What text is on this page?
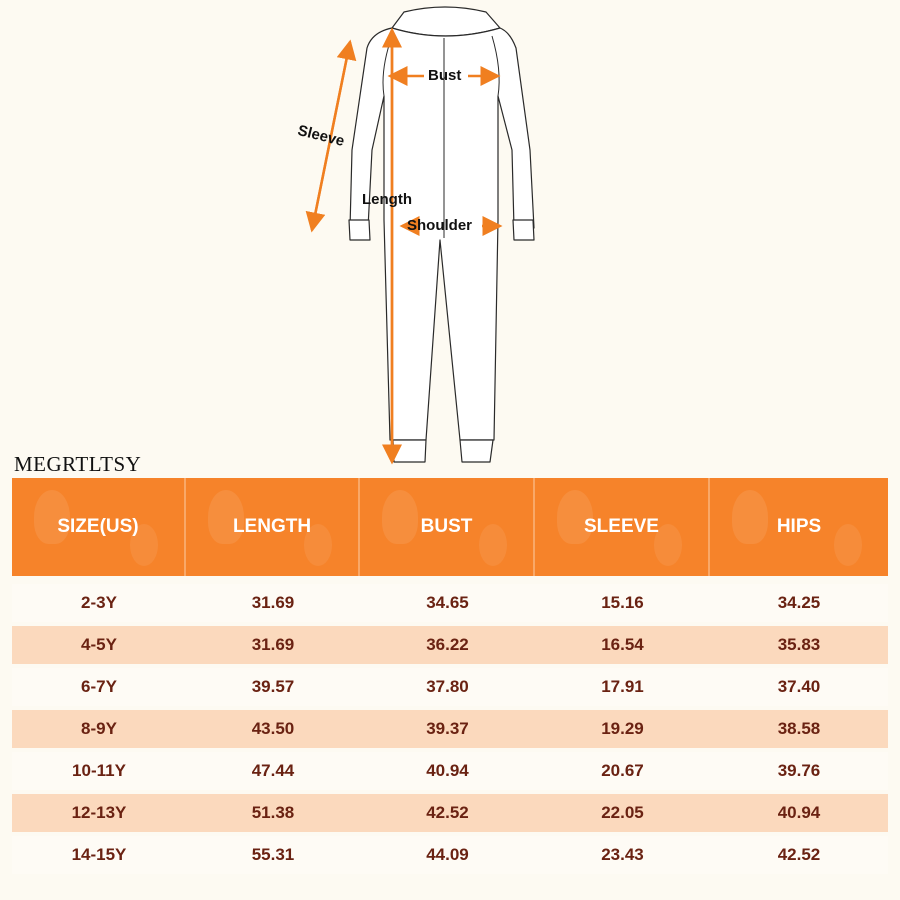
Bust
Sleeve
Length
Shoulder
MEGRTLTSY
SIZE(US)	LENGTH	BUST	SLEEVE	HIPS
2-3Y	31.69	34.65	15.16	34.25
4-5Y	31.69	36.22	16.54	35.83
6-7Y	39.57	37.80	17.91	37.40
8-9Y	43.50	39.37	19.29	38.58
10-11Y	47.44	40.94	20.67	39.76
12-13Y	51.38	42.52	22.05	40.94
14-15Y	55.31	44.09	23.43	42.52
